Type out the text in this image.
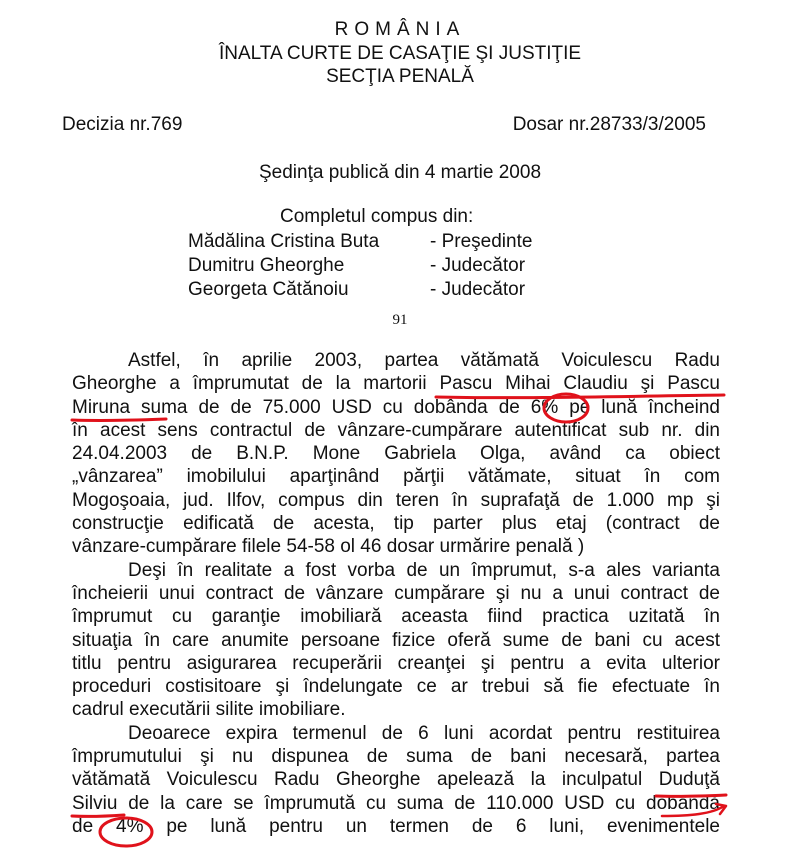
ROMÂNIA
ÎNALTA CURTE DE CASAŢIE ŞI JUSTIŢIE
SECŢIA PENALĂ
Decizia nr.769	Dosar nr.28733/3/2005
Şedinţa publică din 4 martie 2008
Completul compus din:
Mădălina Cristina Buta	- Preşedinte
Dumitru Gheorghe	- Judecător
Georgeta Cătănoiu	- Judecător
91
Astfel, în aprilie 2003, partea vătămată Voiculescu Radu
Gheorghe a împrumutat de la martorii Pascu Mihai Claudiu şi Pascu
Miruna suma de de 75.000 USD cu dobânda de 6% pe lună încheind
în acest sens contractul de vânzare-cumpărare autentificat sub nr. din
24.04.2003 de B.N.P. Mone Gabriela Olga, având ca obiect
„vânzarea” imobilului aparţinând părţii vătămate, situat în com
Mogoşoaia, jud. Ilfov, compus din teren în suprafaţă de 1.000 mp şi
construcţie edificată de acesta, tip parter plus etaj (contract de
vânzare-cumpărare filele 54-58 ol 46 dosar urmărire penală )
Deşi în realitate a fost vorba de un împrumut, s-a ales varianta
încheierii unui contract de vânzare cumpărare şi nu a unui contract de
împrumut cu garanţie imobiliară aceasta fiind practica uzitată în
situaţia în care anumite persoane fizice oferă sume de bani cu acest
titlu pentru asigurarea recuperării creanţei şi pentru a evita ulterior
proceduri costisitoare şi îndelungate ce ar trebui să fie efectuate în
cadrul executării silite imobiliare.
Deoarece expira termenul de 6 luni acordat pentru restituirea
împrumutului şi nu dispunea de suma de bani necesară, partea
vătămată Voiculescu Radu Gheorghe apelează la inculpatul Duduţă
Silviu de la care se împrumută cu suma de 110.000 USD cu dobândă
de 4% pe lună pentru un termen de 6 luni, evenimentele
